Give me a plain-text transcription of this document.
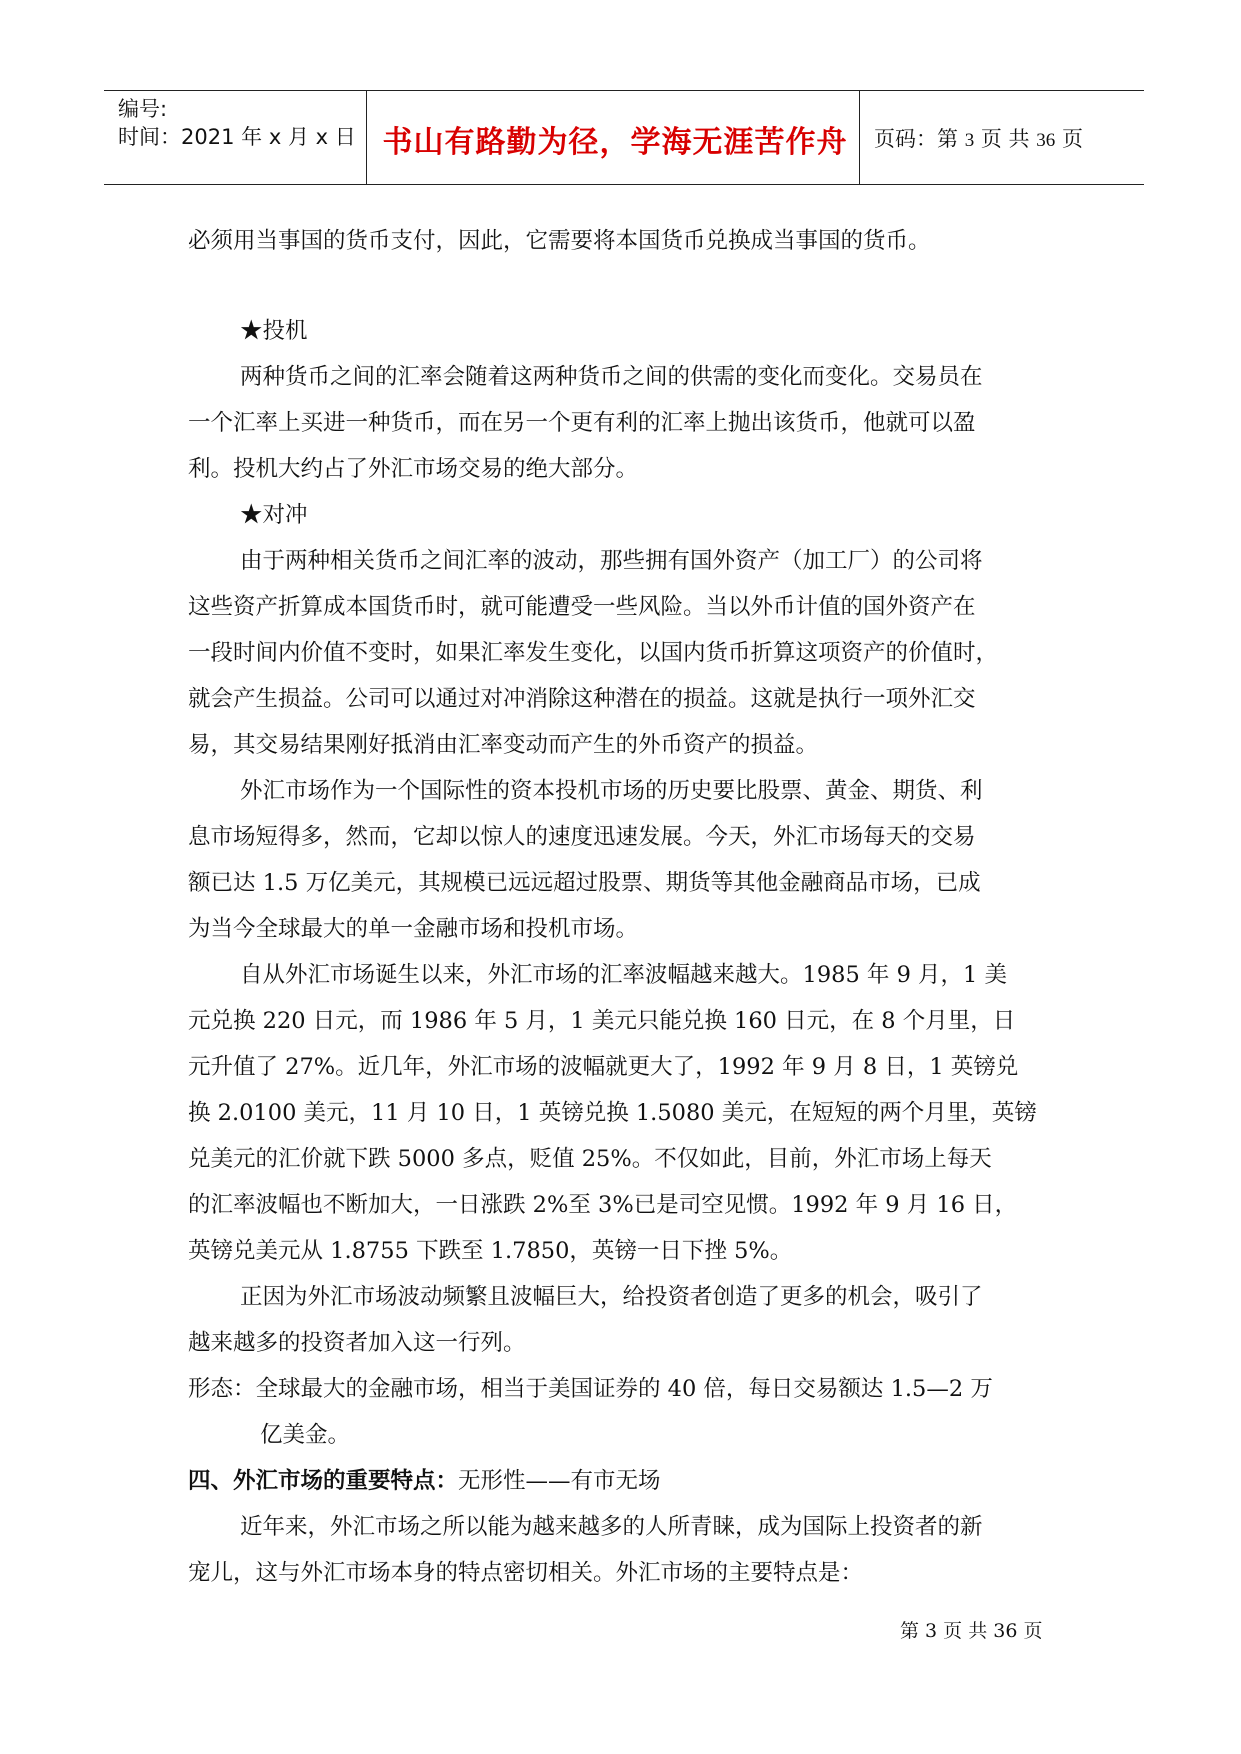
编号:
时间：2021 年 x 月 x 日 书山有路勤为径，学海无涯苦作舟	页码：第 3 页 共 36 页
必须用当事国的货币支付，因此，它需要将本国货币兑换成当事国的货币。
★投机
两种货币之间的汇率会随着这两种货币之间的供需的变化而变化。交易员在
一个汇率上买进一种货币，而在另一个更有利的汇率上抛出该货币，他就可以盈
利。投机大约占了外汇市场交易的绝大部分。
★对冲
由于两种相关货币之间汇率的波动，那些拥有国外资产（加工厂）的公司将
这些资产折算成本国货币时，就可能遭受一些风险。当以外币计值的国外资产在
一段时间内价值不变时，如果汇率发生变化，以国内货币折算这项资产的价值时，
就会产生损益。公司可以通过对冲消除这种潜在的损益。这就是执行一项外汇交
易，其交易结果刚好抵消由汇率变动而产生的外币资产的损益。
外汇市场作为一个国际性的资本投机市场的历史要比股票、黄金、期货、利
息市场短得多，然而，它却以惊人的速度迅速发展。今天，外汇市场每天的交易
额已达 1.5 万亿美元，其规模已远远超过股票、期货等其他金融商品市场，已成
为当今全球最大的单一金融市场和投机市场。
自从外汇市场诞生以来，外汇市场的汇率波幅越来越大。1985 年 9 月，1 美
元兑换 220 日元，而 1986 年 5 月，1 美元只能兑换 160 日元，在 8 个月里，日
元升值了 27%。近几年，外汇市场的波幅就更大了，1992 年 9 月 8 日，1 英镑兑
换 2.0100 美元，11 月 10 日，1 英镑兑换 1.5080 美元，在短短的两个月里，英镑
兑美元的汇价就下跌 5000 多点，贬值 25%。不仅如此，目前，外汇市场上每天
的汇率波幅也不断加大，一日涨跌 2%至 3%已是司空见惯。1992 年 9 月 16 日，
英镑兑美元从 1.8755 下跌至 1.7850，英镑一日下挫 5%。
正因为外汇市场波动频繁且波幅巨大，给投资者创造了更多的机会，吸引了
越来越多的投资者加入这一行列。
形态：全球最大的金融市场，相当于美国证券的 40 倍，每日交易额达 1.5—2 万
亿美金。
四、外汇市场的重要特点：无形性——有市无场
近年来，外汇市场之所以能为越来越多的人所青睐，成为国际上投资者的新
宠儿，这与外汇市场本身的特点密切相关。外汇市场的主要特点是：
第 3 页 共 36 页
